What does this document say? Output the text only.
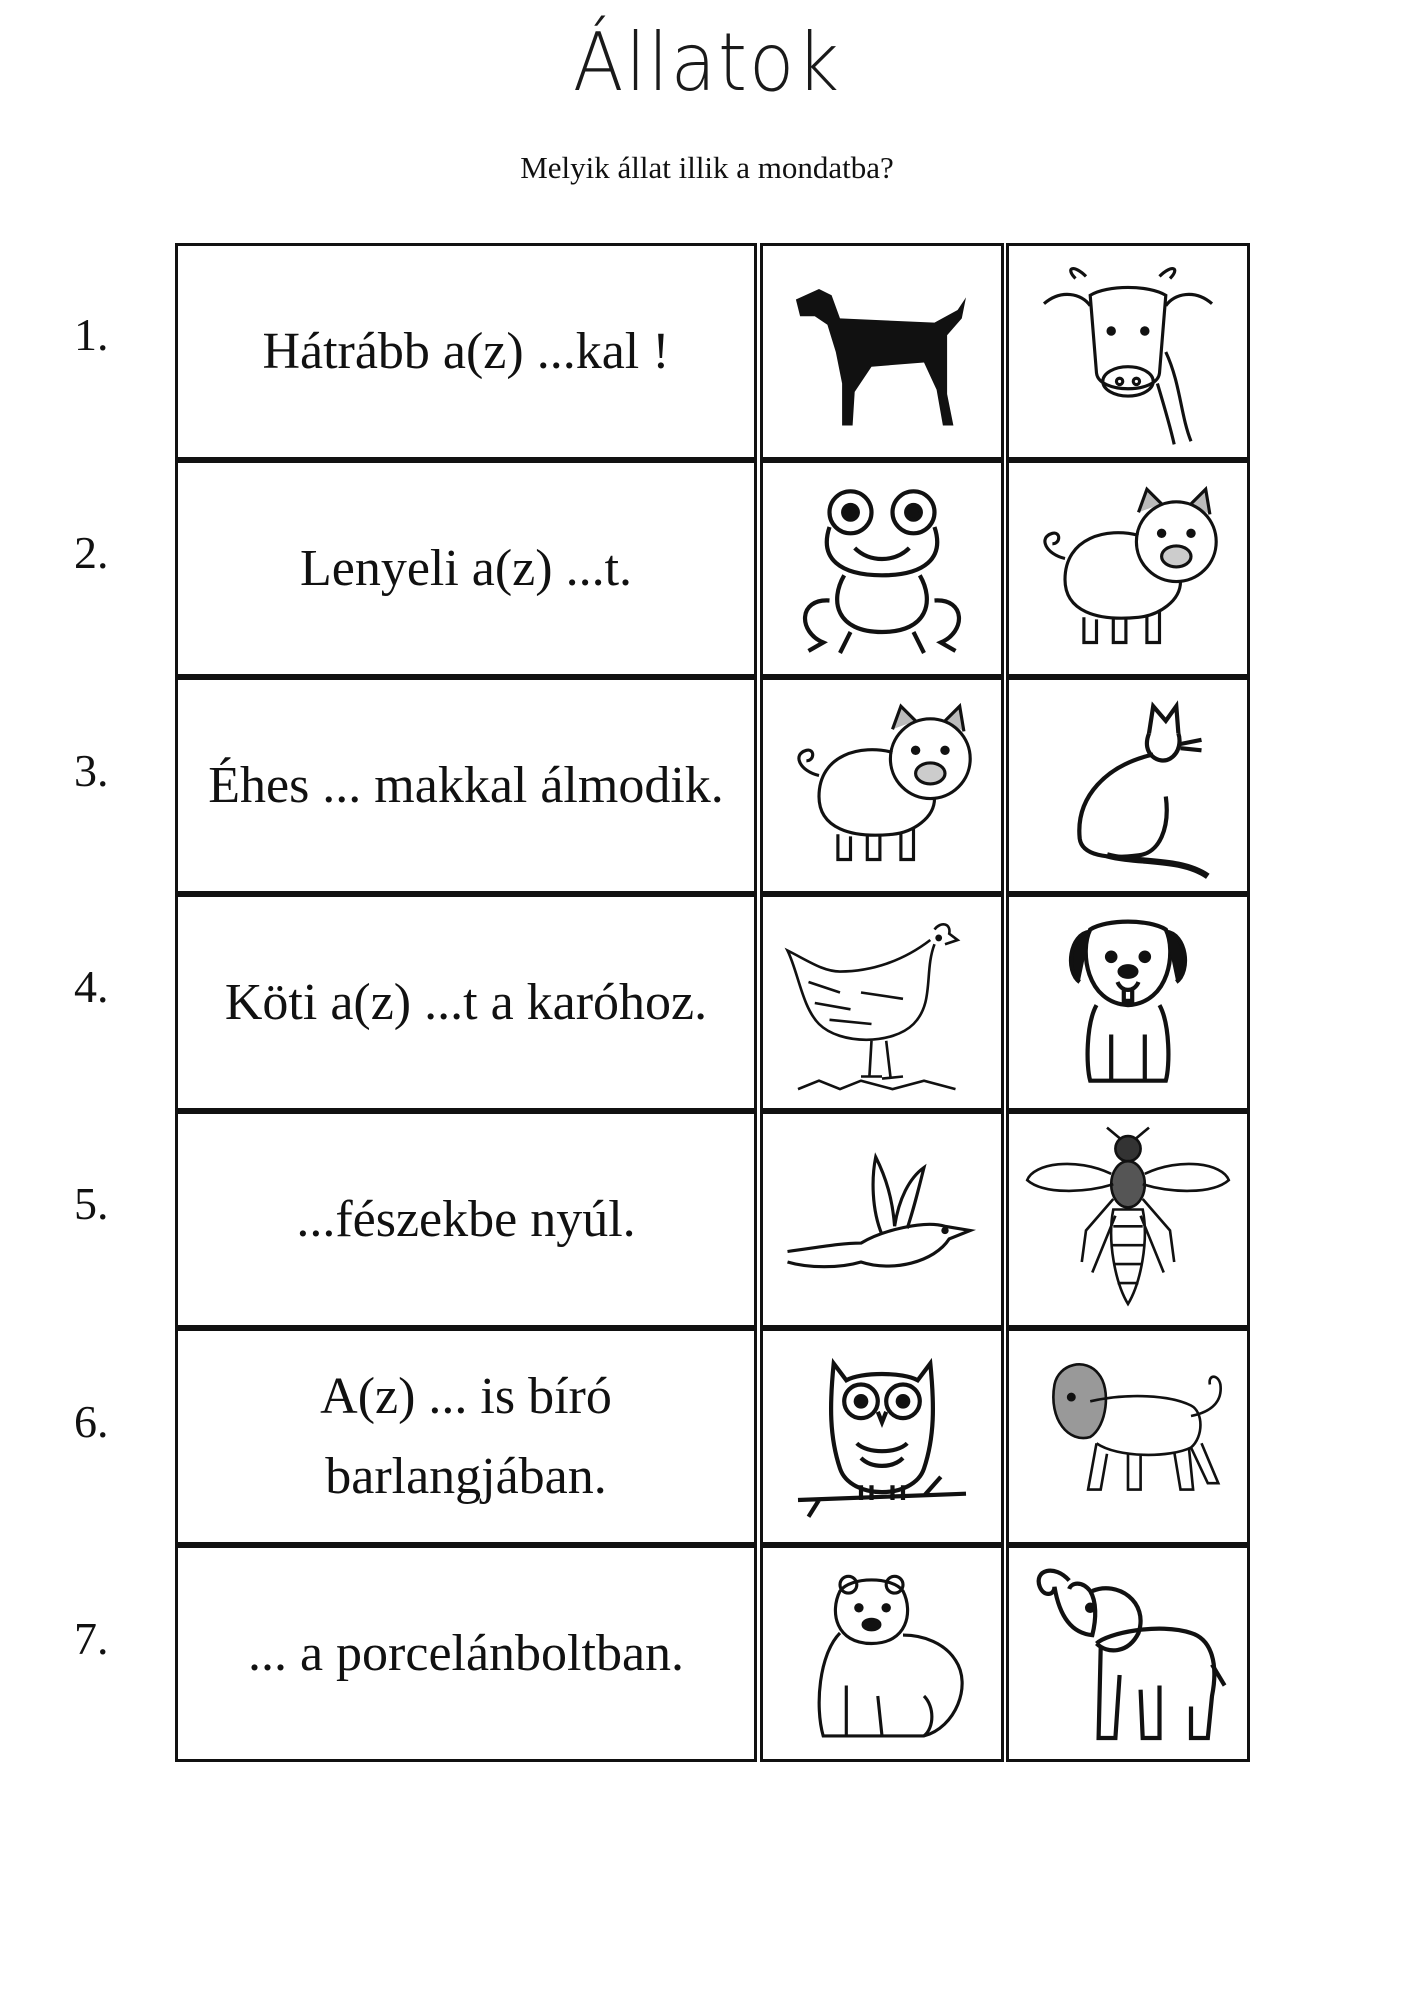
Állatok
Melyik állat illik a mondatba?
1.	Hátrább a(z) ...kal !
2.	Lenyeli a(z) ...t.
3.	Éhes ... makkal álmodik.
4.	Köti a(z) ...t a karóhoz.
5.	...fészekbe nyúl.
6.	A(z) ... is bíró barlangjában.
7.	... a porcelánboltban.
